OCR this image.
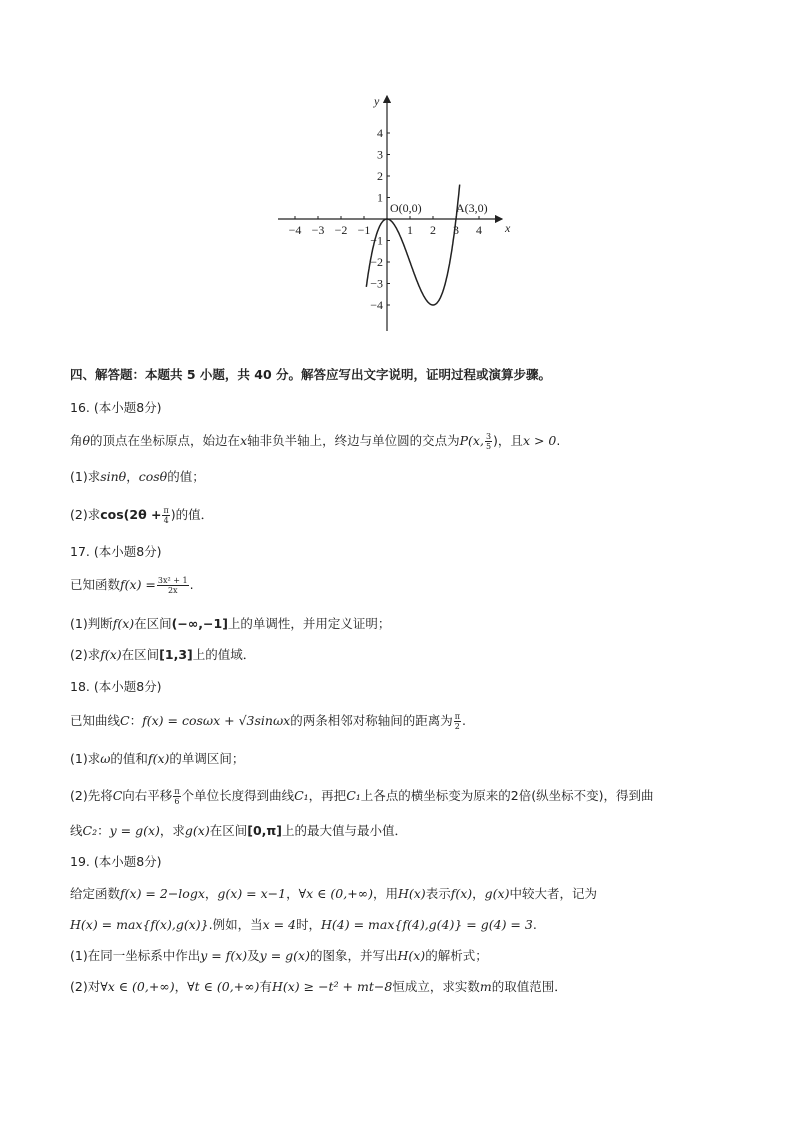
y
x
−4 −3 −2 −1	1 2 3 4
4
3
2
1
−1
−2
−3
−4
O(0,0)	A(3,0)
四、解答题：本题共 5 小题，共 40 分。解答应写出文字说明，证明过程或演算步骤。
16. (本小题8分)
角θ的顶点在坐标原点，始边在x轴非负半轴上，终边与单位圆的交点为P(x, $\frac{3}{5}$ )，且x > 0.
(1)求sinθ，cosθ的值；
(2)求$\cos(2\theta + \frac{\pi}{4}$ )的值．
17. (本小题8分)
已知函数$f(x) = \frac{\text{3x² + 1}}{2x}$ .
(1)判断f(x)在区间(−∞,−1]上的单调性，并用定义证明；
(2)求f(x)在区间[1,3]上的值域．
18. (本小题8分)
已知曲线C：f(x) = cosωx + √3sinωx的两条相邻对称轴间的距离为 $\frac{\pi}{2}$ .
(1)求ω的值和f(x)的单调区间；
(2)先将C向右平移 $\frac{\pi}{6}$ 个单位长度得到曲线C₁，再把C₁上各点的横坐标变为原来的2倍(纵坐标不变)，得到曲
线C₂：y = g(x)，求g(x)在区间[0,π]上的最大值与最小值．
19. (本小题8分)
给定函数f(x) = 2−logx，g(x) = x−1，∀x ∈ (0,+∞)，用H(x)表示f(x)，g(x)中较大者，记为
H(x) = max{f(x),g(x)}.例如，当x = 4时，H(4) = max{f(4),g(4)} = g(4) = 3.
(1)在同一坐标系中作出y = f(x)及y = g(x)的图象，并写出H(x)的解析式；
(2)对∀x ∈ (0,+∞)，∀t ∈ (0,+∞)有H(x) ≥ −t² + mt−8恒成立，求实数m的取值范围．
